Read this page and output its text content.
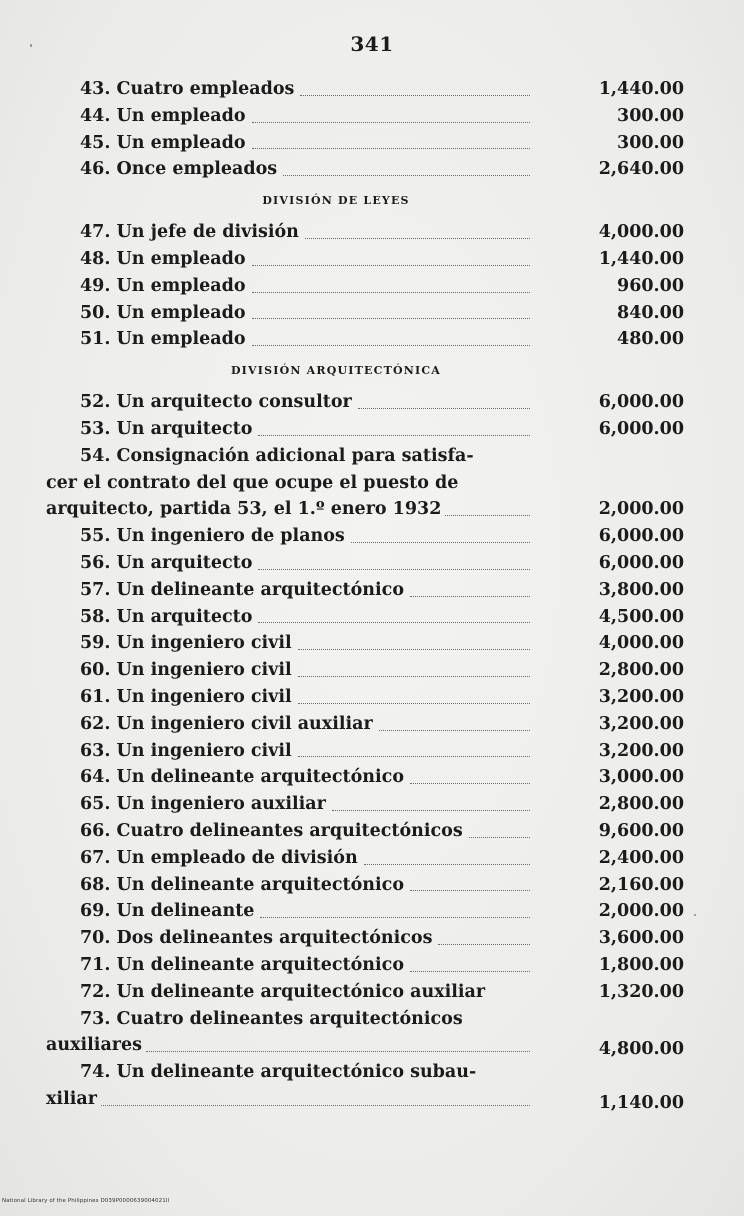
341
43. Cuatro empleados	1,440.00
44. Un empleado	300.00
45. Un empleado	300.00
46. Once empleados	2,640.00
DIVISIÓN DE LEYES
47. Un jefe de división	4,000.00
48. Un empleado	1,440.00
49. Un empleado	960.00
50. Un empleado	840.00
51. Un empleado	480.00
DIVISIÓN ARQUITECTÓNICA
52. Un arquitecto consultor	6,000.00
53. Un arquitecto	6,000.00
54. Consignación adicional para satisfa-
cer el contrato del que ocupe el puesto de
arquitecto, partida 53, el 1.º enero 1932	2,000.00
55. Un ingeniero de planos	6,000.00
56. Un arquitecto	6,000.00
57. Un delineante arquitectónico	3,800.00
58. Un arquitecto	4,500.00
59. Un ingeniero civil	4,000.00
60. Un ingeniero civil	2,800.00
61. Un ingeniero civil	3,200.00
62. Un ingeniero civil auxiliar	3,200.00
63. Un ingeniero civil	3,200.00
64. Un delineante arquitectónico	3,000.00
65. Un ingeniero auxiliar	2,800.00
66. Cuatro delineantes arquitectónicos	9,600.00
67. Un empleado de división	2,400.00
68. Un delineante arquitectónico	2,160.00
69. Un delineante	2,000.00
70. Dos delineantes arquitectónicos	3,600.00
71. Un delineante arquitectónico	1,800.00
72. Un delineante arquitectónico auxiliar	1,320.00
73. Cuatro delineantes arquitectónicos
auxiliares	4,800.00
74. Un delineante arquitectónico subau-
xiliar	1,140.00
National Library of the Philippines D039P0000639004021Il
